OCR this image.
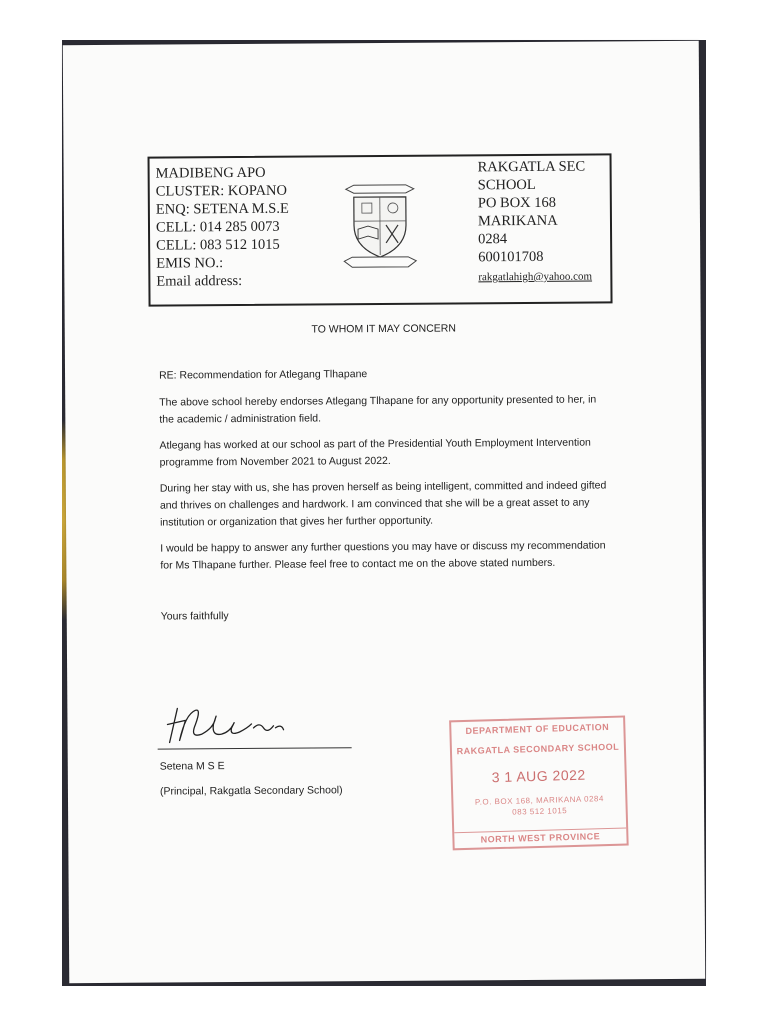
MADIBENG APO
CLUSTER: KOPANO
ENQ: SETENA M.S.E
CELL: 014 285 0073
CELL: 083 512 1015
EMIS NO.:
Email address:
RAKGATLA SEC
SCHOOL
PO BOX 168
MARIKANA
0284
600101708
rakgatlahigh@yahoo.com
TO WHOM IT MAY CONCERN
RE: Recommendation for Atlegang Tlhapane

The above school hereby endorses Atlegang Tlhapane for any opportunity presented to her, in the academic / administration field.

Atlegang has worked at our school as part of the Presidential Youth Employment Intervention programme from November 2021 to August 2022.

During her stay with us, she has proven herself as being intelligent, committed and indeed gifted and thrives on challenges and hardwork. I am convinced that she will be a great asset to any institution or organization that gives her further opportunity.

I would be happy to answer any further questions you may have or discuss my recommendation for Ms Tlhapane further. Please feel free to contact me on the above stated numbers.

Yours faithfully
Setena M S E
(Principal, Rakgatla Secondary School)
DEPARTMENT OF EDUCATION
RAKGATLA SECONDARY SCHOOL
3 1 AUG 2022
P.O. BOX 168, MARIKANA 0284
083 512 1015
NORTH WEST PROVINCE
